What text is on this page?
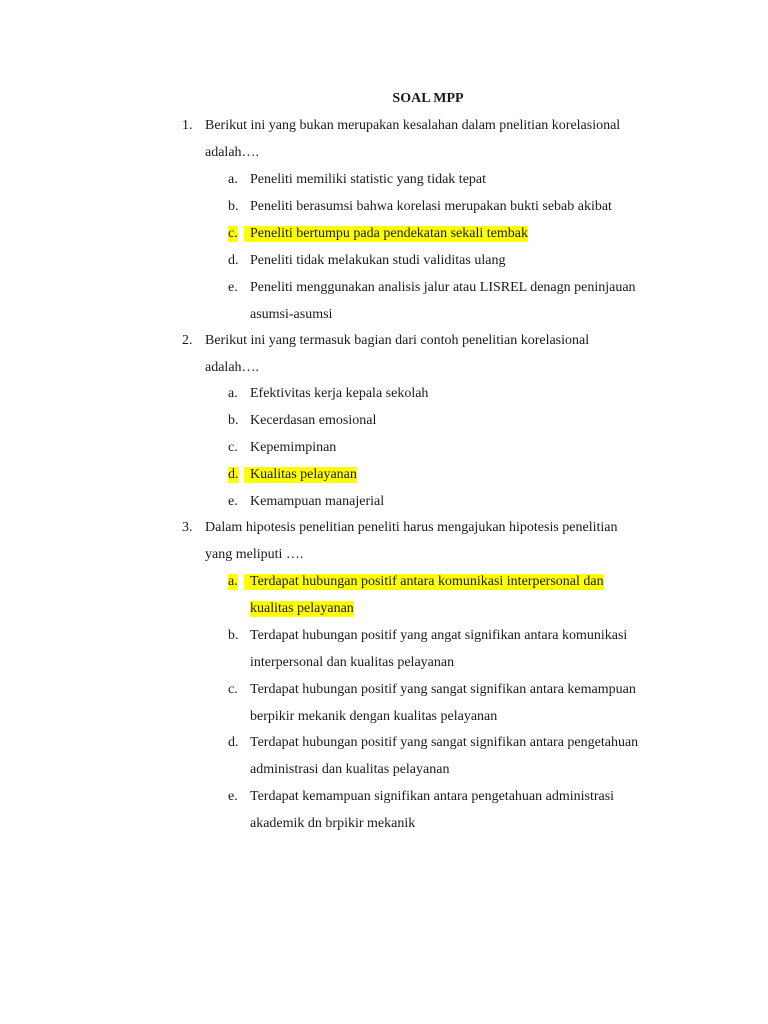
SOAL MPP
1. Berikut ini yang bukan merupakan kesalahan dalam pnelitian korelasional
adalah….
a. Peneliti memiliki statistic yang tidak tepat
b. Peneliti berasumsi bahwa korelasi merupakan bukti sebab akibat
c. Peneliti bertumpu pada pendekatan sekali tembak
d. Peneliti tidak melakukan studi validitas ulang
e. Peneliti menggunakan analisis jalur atau LISREL denagn peninjauan
asumsi-asumsi
2. Berikut ini yang termasuk bagian dari contoh penelitian korelasional
adalah….
a. Efektivitas kerja kepala sekolah
b. Kecerdasan emosional
c. Kepemimpinan
d. Kualitas pelayanan
e. Kemampuan manajerial
3. Dalam hipotesis penelitian peneliti harus mengajukan hipotesis penelitian
yang meliputi ….
a. Terdapat hubungan positif antara komunikasi interpersonal dan
kualitas pelayanan
b. Terdapat hubungan positif yang angat signifikan antara komunikasi
interpersonal dan kualitas pelayanan
c. Terdapat hubungan positif yang sangat signifikan antara kemampuan
berpikir mekanik dengan kualitas pelayanan
d. Terdapat hubungan positif yang sangat signifikan antara pengetahuan
administrasi dan kualitas pelayanan
e. Terdapat kemampuan signifikan antara pengetahuan administrasi
akademik dn brpikir mekanik
